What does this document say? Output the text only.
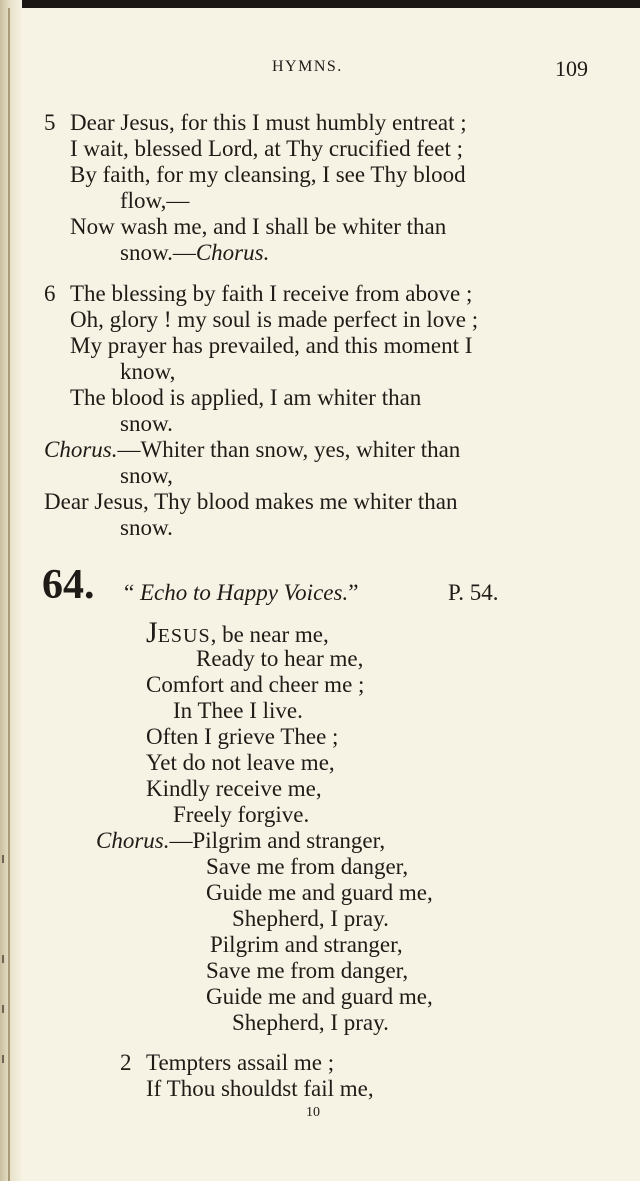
HYMNS.	109
5 Dear Jesus, for this I must humbly entreat ;
I wait, blessed Lord, at Thy crucified feet ;
By faith, for my cleansing, I see Thy blood
flow,—
Now wash me, and I shall be whiter than
snow.—Chorus.
6 The blessing by faith I receive from above ;
Oh, glory ! my soul is made perfect in love ;
My prayer has prevailed, and this moment I
know,
The blood is applied, I am whiter than
snow.
Chorus.—Whiter than snow, yes, whiter than
snow,
Dear Jesus, Thy blood makes me whiter than
snow.
64. “ Echo to Happy Voices.”	P. 54.
JESUS, be near me,
Ready to hear me,
Comfort and cheer me ;
In Thee I live.
Often I grieve Thee ;
Yet do not leave me,
Kindly receive me,
Freely forgive.
Chorus.—Pilgrim and stranger,
Save me from danger,
Guide me and guard me,
Shepherd, I pray.
Pilgrim and stranger,
Save me from danger,
Guide me and guard me,
Shepherd, I pray.
2 Tempters assail me ;
If Thou shouldst fail me,
10
